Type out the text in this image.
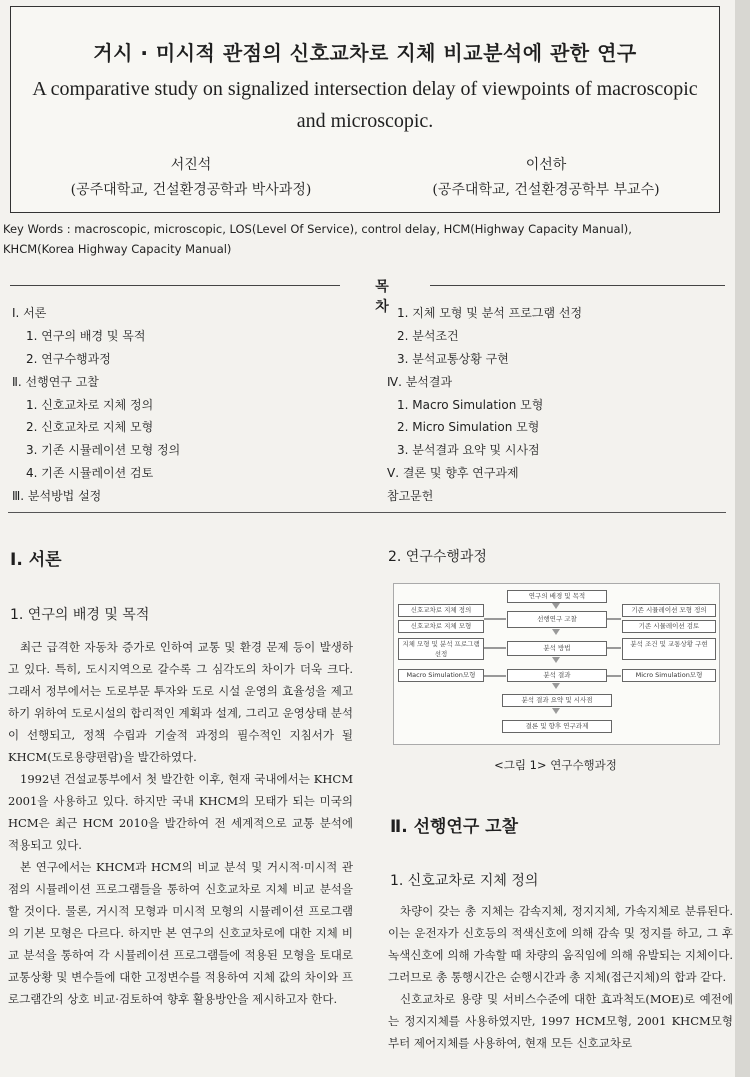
거시 · 미시적 관점의 신호교차로 지체 비교분석에 관한 연구
A comparative study on signalized intersection delay of viewpoints of macroscopic and microscopic.
서진석
(공주대학교, 건설환경공학과 박사과정)
이선하
(공주대학교, 건설환경공학부 부교수)
Key Words : macroscopic, microscopic, LOS(Level Of Service), control delay, HCM(Highway Capacity Manual), KHCM(Korea Highway Capacity Manual)
목차
Ⅰ. 서론
1. 연구의 배경 및 목적
2. 연구수행과정
Ⅱ. 선행연구 고찰
1. 신호교차로 지체 정의
2. 신호교차로 지체 모형
3. 기존 시뮬레이션 모형 정의
4. 기존 시뮬레이션 검토
Ⅲ. 분석방법 설정
1. 지체 모형 및 분석 프로그램 선정
2. 분석조건
3. 분석교통상황 구현
Ⅳ. 분석결과
1. Macro Simulation 모형
2. Micro Simulation 모형
3. 분석결과 요약 및 시사점
Ⅴ. 결론 및 향후 연구과제
참고문헌
Ⅰ. 서론
1. 연구의 배경 및 목적

최근 급격한 자동차 증가로 인하여 교통 및 환경 문제 등이 발생하고 있다. 특히, 도시지역으로 갈수록 그 심각도의 차이가 더욱 크다. 그래서 정부에서는 도로부문 투자와 도로 시설 운영의 효율성을 제고하기 위하여 도로시설의 합리적인 계획과 설계, 그리고 운영상태 분석이 선행되고, 정책 수립과 기술적 과정의 필수적인 지침서가 될 KHCM(도로용량편람)을 발간하였다.

1992년 건설교통부에서 첫 발간한 이후, 현재 국내에서는 KHCM 2001을 사용하고 있다. 하지만 국내 KHCM의 모태가 되는 미국의 HCM은 최근 HCM 2010을 발간하여 전 세계적으로 교통 분석에 적용되고 있다.

본 연구에서는 KHCM과 HCM의 비교 분석 및 거시적·미시적 관점의 시뮬레이션 프로그램들을 통하여 신호교차로 지체 비교 분석을 할 것이다. 물론, 거시적 모형과 미시적 모형의 시뮬레이션 프로그램의 기본 모형은 다르다. 하지만 본 연구의 신호교차로에 대한 지체 비교 분석을 통하여 각 시뮬레이션 프로그램들에 적용된 모형을 토대로 교통상황 및 변수들에 대한 고정변수를 적용하여 지체 값의 차이와 프로그램간의 상호 비교·검토하여 향후 활용방안을 제시하고자 한다.

2. 연구수행과정
연구의 배경 및 목적
선행연구 고찰
신호교차로 지체 정의
신호교차로 지체 모형
기존 시뮬레이션 모형 정의
기존 시뮬레이션 검토
분석 방법
지체 모형 및 분석 프로그램 선정
분석 조건 및 교통상황 구현
분석 결과
Macro Simulation모형	Micro Simulation모형
분석 결과 요약 및 시사점
결론 및 향후 연구과제
<그림 1> 연구수행과정
Ⅱ. 선행연구 고찰
1. 신호교차로 지체 정의

차량이 갖는 총 지체는 감속지체, 정지지체, 가속지체로 분류된다. 이는 운전자가 신호등의 적색신호에 의해 감속 및 정지를 하고, 그 후 녹색신호에 의해 가속할 때 차량의 움직임에 의해 유발되는 지체이다. 그러므로 총 통행시간은 순행시간과 총 지체(접근지체)의 합과 같다.

신호교차로 용량 및 서비스수준에 대한 효과척도(MOE)로 예전에는 정지지체를 사용하였지만, 1997 HCM모형, 2001 KHCM모형부터 제어지체를 사용하여, 현재 모든 신호교차로
